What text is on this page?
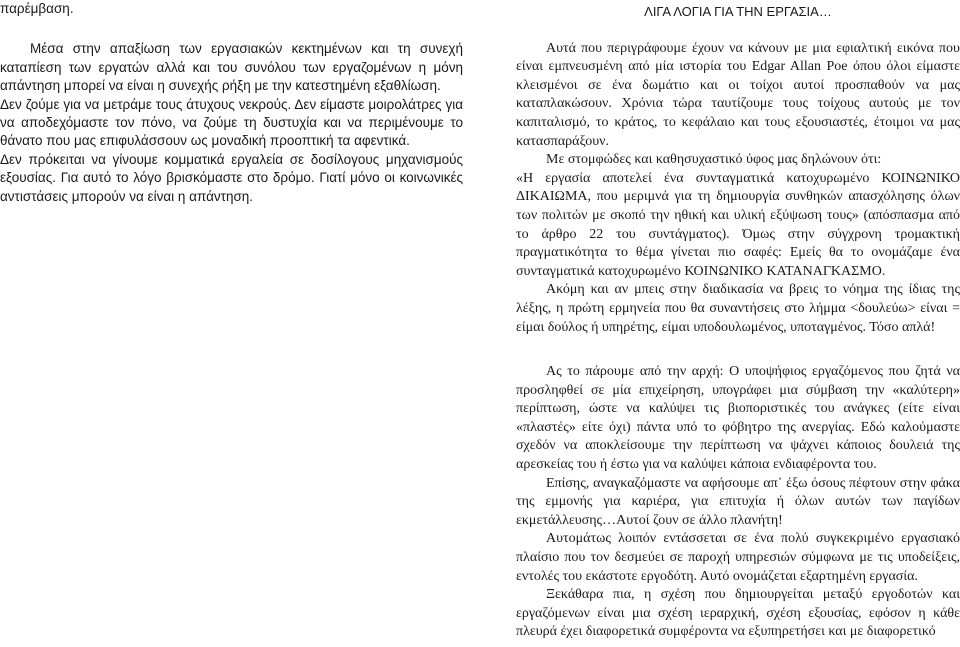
παρέμβαση.

Μέσα στην απαξίωση των εργασιακών κεκτημένων και τη συνεχή καταπίεση των εργατών αλλά και του συνόλου των εργαζομένων η μόνη απάντηση μπορεί να είναι η συνεχής ρήξη με την κατεστημένη εξαθλίωση.

Δεν ζούμε για να μετράμε τους άτυχους νεκρούς. Δεν είμαστε μοιρολάτρες για να αποδεχόμαστε τον πόνο, να ζούμε τη δυστυχία και να περιμένουμε το θάνατο που μας επιφυλάσσουν ως μοναδική προοπτική τα αφεντικά.

Δεν πρόκειται να γίνουμε κομματικά εργαλεία σε δοσίλογους μηχανισμούς εξουσίας. Για αυτό το λόγο βρισκόμαστε στο δρόμο. Γιατί μόνο οι κοινωνικές αντιστάσεις μπορούν να είναι η απάντηση.

ΛΙΓΑ ΛΟΓΙΑ ΓΙΑ ΤΗΝ ΕΡΓΑΣΙΑ…

Αυτά που περιγράφουμε έχουν να κάνουν με μια εφιαλτική εικόνα που είναι εμπνευσμένη από μία ιστορία του Edgar Allan Poe όπου όλοι είμαστε κλεισμένοι σε ένα δωμάτιο και οι τοίχοι αυτοί προσπαθούν να μας καταπλακώσουν. Χρόνια τώρα ταυτίζουμε τους τοίχους αυτούς με τον καπιταλισμό, το κράτος, το κεφάλαιο και τους εξουσιαστές, έτοιμοι να μας κατασπαράξουν.

Με στομφώδες και καθησυχαστικό ύφος μας δηλώνουν ότι:

«Η εργασία αποτελεί ένα συνταγματικά κατοχυρωμένο ΚΟΙΝΩΝΙΚΟ ΔΙΚΑΙΩΜΑ, που μεριμνά για τη δημιουργία συνθηκών απασχόλησης όλων των πολιτών με σκοπό την ηθική και υλική εξύψωση τους» (απόσπασμα από το άρθρο 22 του συντάγματος). Όμως στην σύγχρονη τρομακτική πραγματικότητα το θέμα γίνεται πιο σαφές: Εμείς θα το ονομάζαμε ένα συνταγματικά κατοχυρωμένο ΚΟΙΝΩΝΙΚΟ ΚΑΤΑΝΑΓΚΑΣΜΟ.

Ακόμη και αν μπεις στην διαδικασία να βρεις το νόημα της ίδιας της λέξης, η πρώτη ερμηνεία που θα συναντήσεις στο λήμμα <δουλεύω> είναι = είμαι δούλος ή υπηρέτης, είμαι υποδουλωμένος, υποταγμένος. Τόσο απλά!

Ας το πάρουμε από την αρχή: Ο υποψήφιος εργαζόμενος που ζητά να προσληφθεί σε μία επιχείρηση, υπογράφει μια σύμβαση την «καλύτερη» περίπτωση, ώστε να καλύψει τις βιοποριστικές του ανάγκες (είτε είναι «πλαστές» είτε όχι) πάντα υπό το φόβητρο της ανεργίας. Εδώ καλούμαστε σχεδόν να αποκλείσουμε την περίπτωση να ψάχνει κάποιος δουλειά της αρεσκείας του ή έστω για να καλύψει κάποια ενδιαφέροντα του.

Επίσης, αναγκαζόμαστε να αφήσουμε απ᾽ έξω όσους πέφτουν στην φάκα της εμμονής για καριέρα, για επιτυχία ή όλων αυτών των παγίδων εκμετάλλευσης…Αυτοί ζουν σε άλλο πλανήτη!

Αυτομάτως λοιπόν εντάσσεται σε ένα πολύ συγκεκριμένο εργασιακό πλαίσιο που τον δεσμεύει σε παροχή υπηρεσιών σύμφωνα με τις υποδείξεις, εντολές του εκάστοτε εργοδότη. Αυτό ονομάζεται εξαρτημένη εργασία.

Ξεκάθαρα πια, η σχέση που δημιουργείται μεταξύ εργοδοτών και εργαζόμενων είναι μια σχέση ιεραρχική, σχέση εξουσίας, εφόσον η κάθε πλευρά έχει διαφορετικά συμφέροντα να εξυπηρετήσει και με διαφορετικό
